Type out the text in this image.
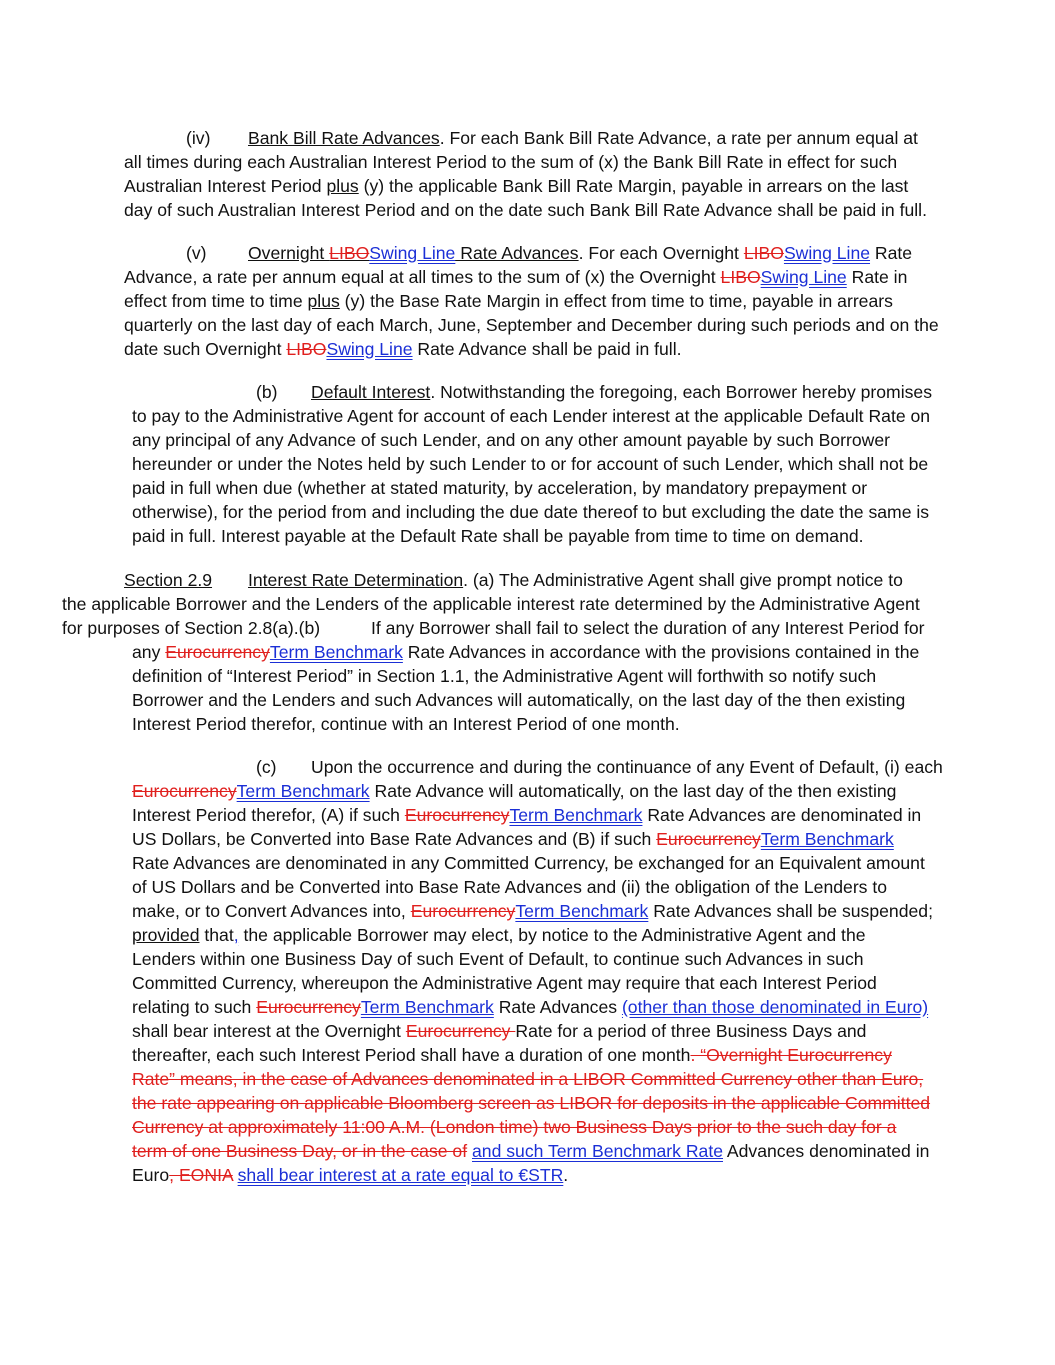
(iv) Bank Bill Rate Advances. For each Bank Bill Rate Advance, a rate per annum equal at
all times during each Australian Interest Period to the sum of (x) the Bank Bill Rate in effect for such
Australian Interest Period plus (y) the applicable Bank Bill Rate Margin, payable in arrears on the last
day of such Australian Interest Period and on the date such Bank Bill Rate Advance shall be paid in full.
(v) Overnight LIBOSwing Line Rate Advances. For each Overnight LIBOSwing Line Rate
Advance, a rate per annum equal at all times to the sum of (x) the Overnight LIBOSwing Line Rate in
effect from time to time plus (y) the Base Rate Margin in effect from time to time, payable in arrears
quarterly on the last day of each March, June, September and December during such periods and on the
date such Overnight LIBOSwing Line Rate Advance shall be paid in full.
(b) Default Interest. Notwithstanding the foregoing, each Borrower hereby promises
to pay to the Administrative Agent for account of each Lender interest at the applicable Default Rate on
any principal of any Advance of such Lender, and on any other amount payable by such Borrower
hereunder or under the Notes held by such Lender to or for account of such Lender, which shall not be
paid in full when due (whether at stated maturity, by acceleration, by mandatory prepayment or
otherwise), for the period from and including the due date thereof to but excluding the date the same is
paid in full. Interest payable at the Default Rate shall be payable from time to time on demand.
Section 2.9 Interest Rate Determination. (a) The Administrative Agent shall give prompt notice to
the applicable Borrower and the Lenders of the applicable interest rate determined by the Administrative Agent
for purposes of Section 2.8(a).(b)	If any Borrower shall fail to select the duration of any Interest Period for
any EurocurrencyTerm Benchmark Rate Advances in accordance with the provisions contained in the
definition of “Interest Period” in Section 1.1, the Administrative Agent will forthwith so notify such
Borrower and the Lenders and such Advances will automatically, on the last day of the then existing
Interest Period therefor, continue with an Interest Period of one month.
(c) Upon the occurrence and during the continuance of any Event of Default, (i) each
EurocurrencyTerm Benchmark Rate Advance will automatically, on the last day of the then existing
Interest Period therefor, (A) if such EurocurrencyTerm Benchmark Rate Advances are denominated in
US Dollars, be Converted into Base Rate Advances and (B) if such EurocurrencyTerm Benchmark
Rate Advances are denominated in any Committed Currency, be exchanged for an Equivalent amount
of US Dollars and be Converted into Base Rate Advances and (ii) the obligation of the Lenders to
make, or to Convert Advances into, EurocurrencyTerm Benchmark Rate Advances shall be suspended;
provided that, the applicable Borrower may elect, by notice to the Administrative Agent and the
Lenders within one Business Day of such Event of Default, to continue such Advances in such
Committed Currency, whereupon the Administrative Agent may require that each Interest Period
relating to such EurocurrencyTerm Benchmark Rate Advances (other than those denominated in Euro)
shall bear interest at the Overnight Eurocurrency Rate for a period of three Business Days and
thereafter, each such Interest Period shall have a duration of one month. “Overnight Eurocurrency
Rate” means, in the case of Advances denominated in a LIBOR Committed Currency other than Euro,
the rate appearing on applicable Bloomberg screen as LIBOR for deposits in the applicable Committed
Currency at approximately 11:00 A.M. (London time) two Business Days prior to the such day for a
term of one Business Day, or in the case of and such Term Benchmark Rate Advances denominated in
Euro, EONIA shall bear interest at a rate equal to €STR.
